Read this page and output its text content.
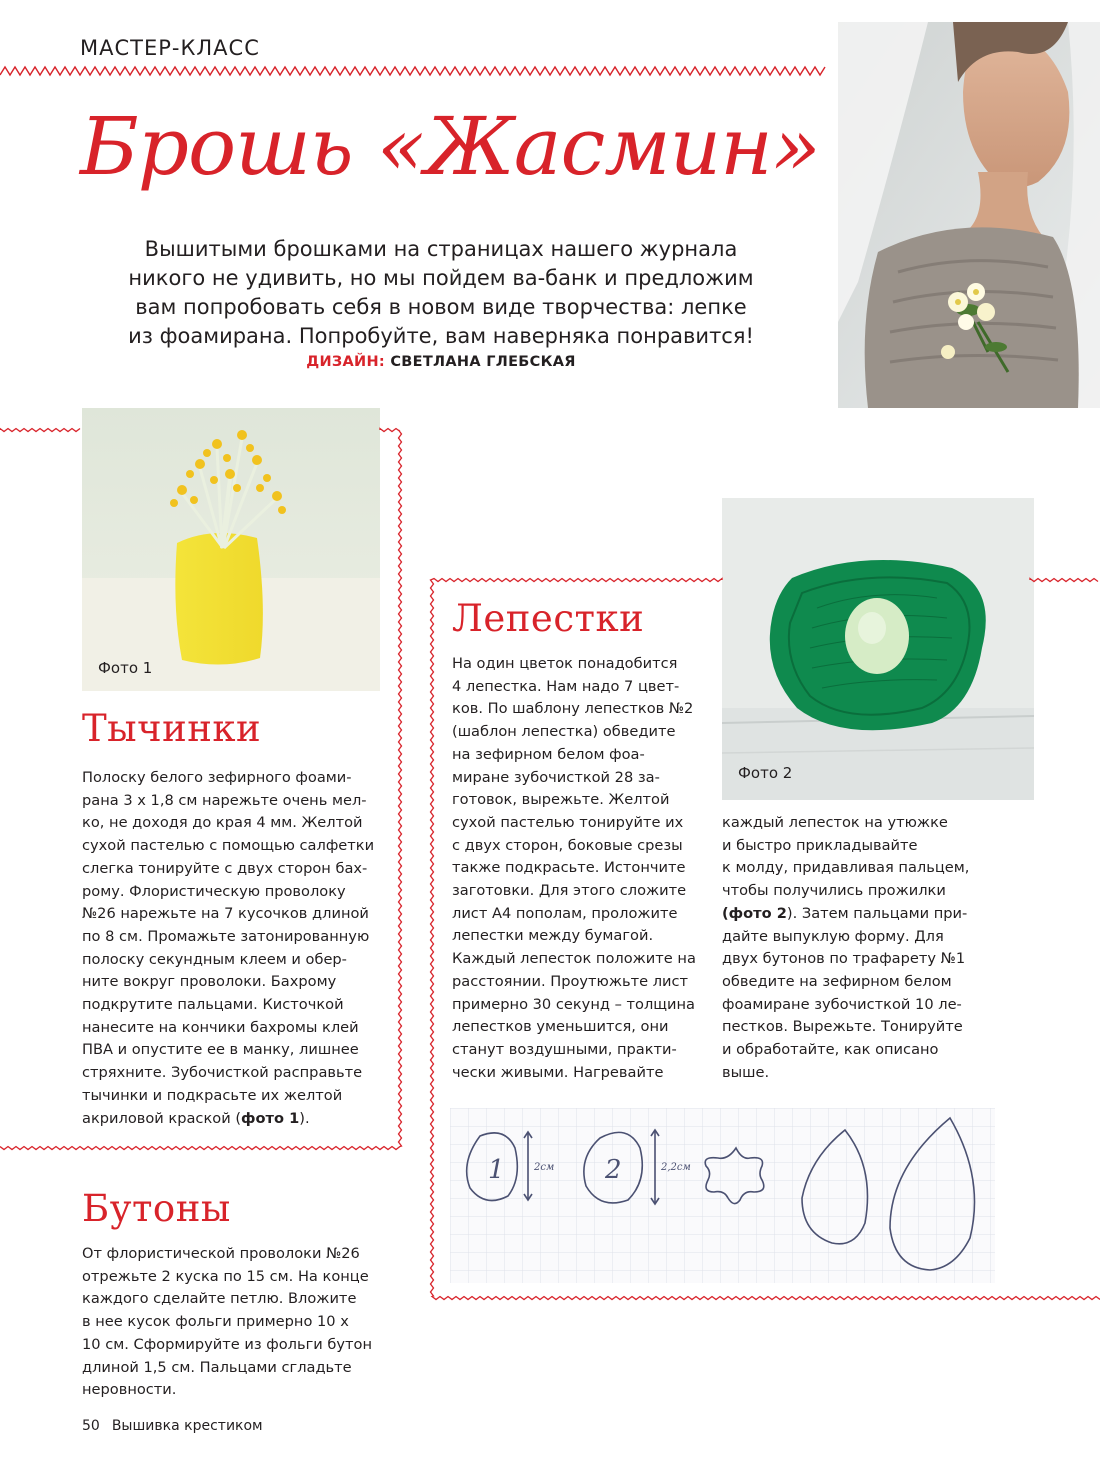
МАСТЕР-КЛАСС
Брошь «Жасмин»
Вышитыми брошками на страницах нашего журнала
никого не удивить, но мы пойдем ва-банк и предложим
вам попробовать себя в новом виде творчества: лепке
из фоамирана. Попробуйте, вам наверняка понравится!
ДИЗАЙН: СВЕТЛАНА ГЛЕБСКАЯ
Фото 1
Фото 2
Тычинки

Полоску белого зефирного фоами-

рана 3 х 1,8 см нарежьте очень мел-

ко, не доходя до края 4 мм. Желтой

сухой пастелью с помощью салфетки

слегка тонируйте с двух сторон бах-

рому. Флористическую проволоку

№26 нарежьте на 7 кусочков длиной

по 8 см. Промажьте затонированную

полоску секундным клеем и обер-

ните вокруг проволоки. Бахрому

подкрутите пальцами. Кисточкой

нанесите на кончики бахромы клей

ПВА и опустите ее в манку, лишнее

стряхните. Зубочисткой расправьте

тычинки и подкрасьте их желтой

акриловой краской (фото 1).

Бутоны

От флористической проволоки №26

отрежьте 2 куска по 15 см. На конце

каждого сделайте петлю. Вложите

в нее кусок фольги примерно 10 х

10 см. Сформируйте из фольги бутон

длиной 1,5 см. Пальцами сгладьте

неровности.

Лепестки

На один цветок понадобится

4 лепестка. Нам надо 7 цвет-

ков. По шаблону лепестков №2

(шаблон лепестка) обведите

на зефирном белом фоа-

миране зубочисткой 28 за-

готовок, вырежьте. Желтой

сухой пастелью тонируйте их

с двух сторон, боковые срезы

также подкрасьте. Истончите

заготовки. Для этого сложите

лист А4 пополам, проложите

лепестки между бумагой.

Каждый лепесток положите на

расстоянии. Проутюжьте лист

примерно 30 секунд – толщина

лепестков уменьшится, они

станут воздушными, практи-

чески живыми. Нагревайте

каждый лепесток на утюжке

и быстро прикладывайте

к молду, придавливая пальцем,

чтобы получились прожилки

(фото 2). Затем пальцами при-

дайте выпуклую форму. Для

двух бутонов по трафарету №1

обведите на зефирном белом

фоамиране зубочисткой 10 ле-

пестков. Вырежьте. Тонируйте

и обработайте, как описано

выше.

1	2
2см	2,2см
50 Вышивка крестиком
